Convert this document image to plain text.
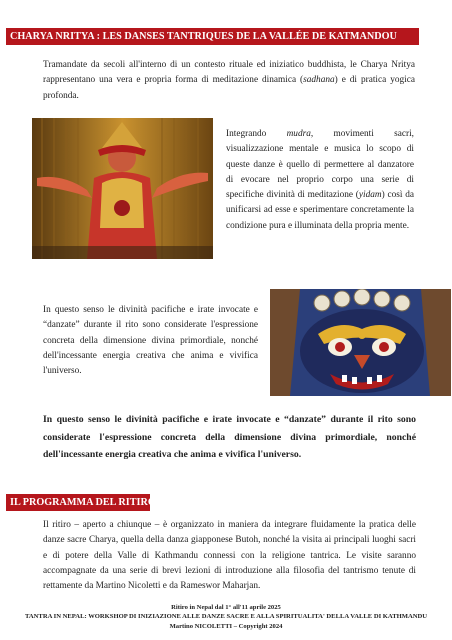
CHARYA NRITYA : LES DANSES TANTRIQUES DE LA VALLÉE DE KATMANDOU

Tramandate da secoli all'interno di un contesto rituale ed iniziatico buddhista, le Charya Nritya rappresentano una vera e propria forma di meditazione dinamica (sadhana) e di pratica yogica profonda.

Integrando mudra, movimenti sacri, visualizzazione mentale e musica lo scopo di queste danze è quello di permettere al danzatore di evocare nel proprio corpo una serie di specifiche divinità di meditazione (yidam) così da unificarsi ad esse e sperimentare concretamente la condizione pura e illuminata della propria mente.

In questo senso le divinità pacifiche e irate invocate e “danzate” durante il rito sono considerate l'espressione concreta della dimensione divina primordiale, nonché dell'incessante energia creativa che anima e vivifica l'universo.

In questo senso le divinità pacifiche e irate invocate e “danzate” durante il rito sono considerate l'espressione concreta della dimensione divina primordiale, nonché dell'incessante energia creativa che anima e vivifica l'universo.

IL PROGRAMMA DEL RITIRO

Il ritiro – aperto a chiunque – è organizzato in maniera da integrare fluidamente la pratica delle danze sacre Charya, quella della danza giapponese Butoh, nonché la visita ai principali luoghi sacri e di potere della Valle di Kathmandu connessi con la religione tantrica. Le visite saranno accompagnate da una serie di brevi lezioni di introduzione alla filosofia del tantrismo tenute di rettamente da Martino Nicoletti e da Rameswor Maharjan.

Ritiro in Nepal dal 1° all'11 aprile 2025
TANTRA IN NEPAL: WORKSHOP DI INIZIAZIONE ALLE DANZE SACRE E ALLA SPIRITUALITA' DELLA VALLE DI KATHMANDU
Martino NICOLETTI – Copyright 2024
